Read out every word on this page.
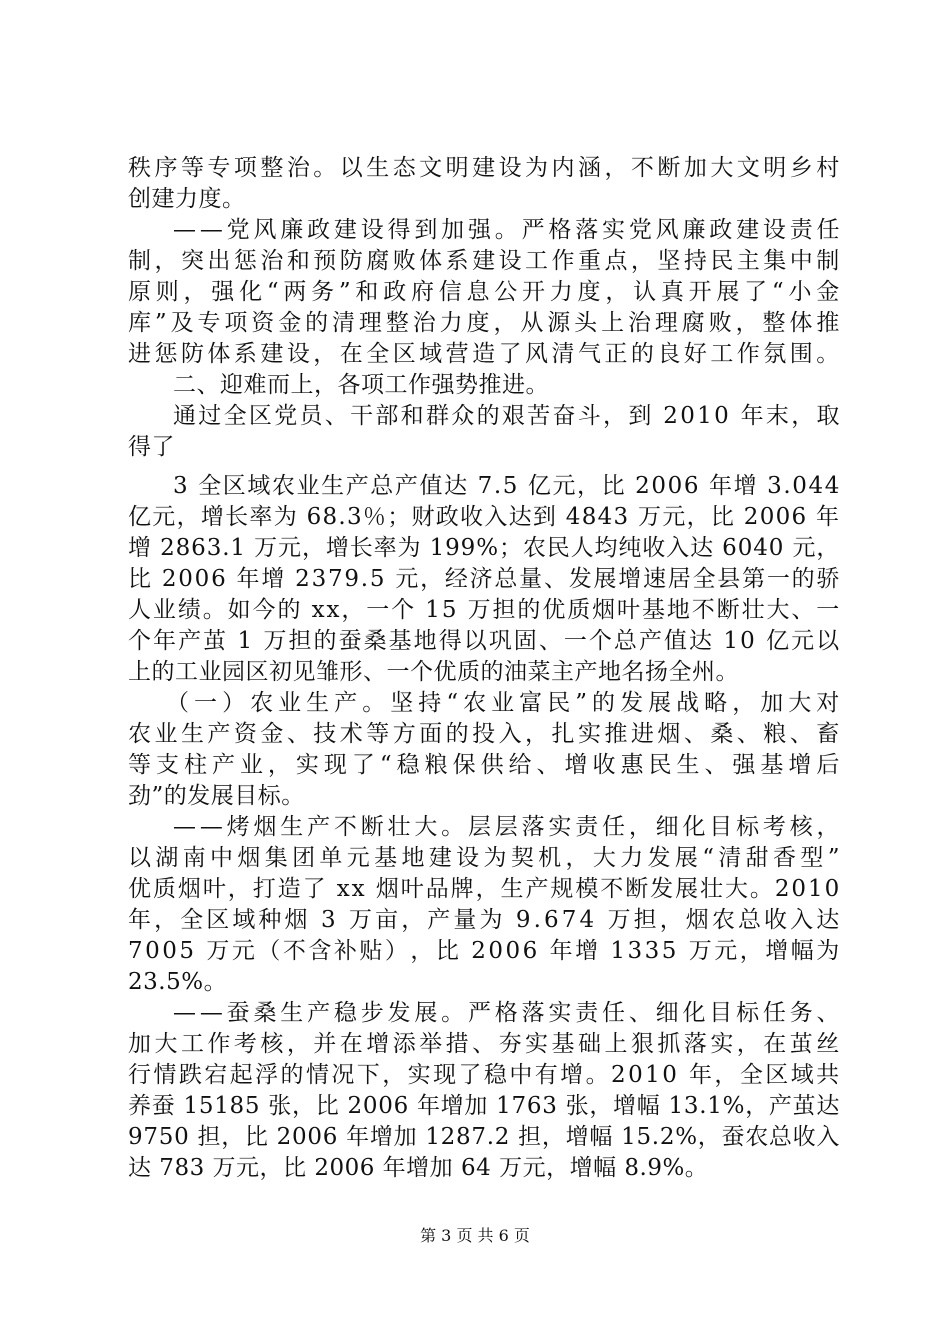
秩 序 等 专 项 整 治 。 以 生 态 文 明 建 设 为 内 涵 ， 不 断 加 大 文 明 乡 村
创建力度。
— — 党 风 廉 政 建 设 得 到 加 强 。 严 格 落 实 党 风 廉 政 建 设 责 任
制 ， 突 出 惩 治 和 预 防 腐 败 体 系 建 设 工 作 重 点 ， 坚 持 民 主 集 中 制
原 则 ， 强 化 “ 两 务 ” 和 政 府 信 息 公 开 力 度 ， 认 真 开 展 了 “ 小 金
库 ” 及 专 项 资 金 的 清 理 整 治 力 度 ， 从 源 头 上 治 理 腐 败 ， 整 体 推
进 惩 防 体 系 建 设 ， 在 全 区 域 营 造 了 风 清 气 正 的 良 好 工 作 氛 围 。
二、迎难而上，各项工作强势推进。
通 过 全 区 党 员 、 干 部 和 群 众 的 艰 苦 奋 斗 ， 到
2 0 1 0
年 末 ， 取
得了
3
全 区 域 农 业 生 产 总 产 值 达
7 . 5
亿 元 ， 比
2 0 0 6
年 增
3 . 0 4 4
亿 元 ， 增 长 率 为
6 8 . 3 ％ ； 财 政 收 入 达 到
4 8 4 3
万 元 ， 比
2 0 0 6
年
增
2 8 6 3 . 1
万 元 ， 增 长 率 为
1 9 9 % ； 农 民 人 均 纯 收 入 达
6 0 4 0
元 ，
比
2 0 0 6
年 增
2 3 7 9 . 5
元 ， 经 济 总 量 、 发 展 增 速 居 全 县 第 一 的 骄
人 业 绩 。 如 今 的
x x ， 一 个
1 5
万 担 的 优 质 烟 叶 基 地 不 断 壮 大 、 一
个 年 产 茧
1
万 担 的 蚕 桑 基 地 得 以 巩 固 、 一 个 总 产 值 达
1 0
亿 元 以
上的工业园区初见雏形、一个优质的油菜主产地名扬全州。
（ 一 ） 农 业 生 产 。 坚 持 “ 农 业 富 民 ” 的 发 展 战 略 ， 加 大 对
农 业 生 产 资 金 、 技 术 等 方 面 的 投 入 ， 扎 实 推 进 烟 、 桑 、 粮 、 畜
等 支 柱 产 业 ， 实 现 了 “ 稳 粮 保 供 给 、 增 收 惠 民 生 、 强 基 增 后
劲”的发展目标。
— — 烤 烟 生 产 不 断 壮 大 。 层 层 落 实 责 任 ， 细 化 目 标 考 核 ，
以 湖 南 中 烟 集 团 单 元 基 地 建 设 为 契 机 ， 大 力 发 展 “ 清 甜 香 型 ”
优 质 烟 叶 ， 打 造 了
x x
烟 叶 品 牌 ， 生 产 规 模 不 断 发 展 壮 大 。 2 0 1 0
年 ， 全 区 域 种 烟
3
万 亩 ， 产 量 为
9 . 6 7 4
万 担 ， 烟 农 总 收 入 达
7 0 0 5
万 元 （ 不 含 补 贴 ） ， 比
2 0 0 6
年 增
1 3 3 5
万 元 ， 增 幅 为
23.5%。
— — 蚕 桑 生 产 稳 步 发 展 。 严 格 落 实 责 任 、 细 化 目 标 任 务 、
加 大 工 作 考 核 ， 并 在 增 添 举 措 、 夯 实 基 础 上 狠 抓 落 实 ， 在 茧 丝
行 情 跌 宕 起 浮 的 情 况 下 ， 实 现 了 稳 中 有 增 。 2 0 1 0
年 ， 全 区 域 共
养 蚕
1 5 1 8 5
张 ， 比
2 0 0 6
年 增 加
1 7 6 3
张 ， 增 幅
1 3 . 1 % ， 产 茧 达
9 7 5 0
担 ， 比
2 0 0 6
年 增 加
1 2 8 7 . 2
担 ， 增 幅
1 5 . 2 % ， 蚕 农 总 收 入
达 783 万元，比 2006 年增加 64 万元，增幅 8.9%。
第 3 页 共 6 页
